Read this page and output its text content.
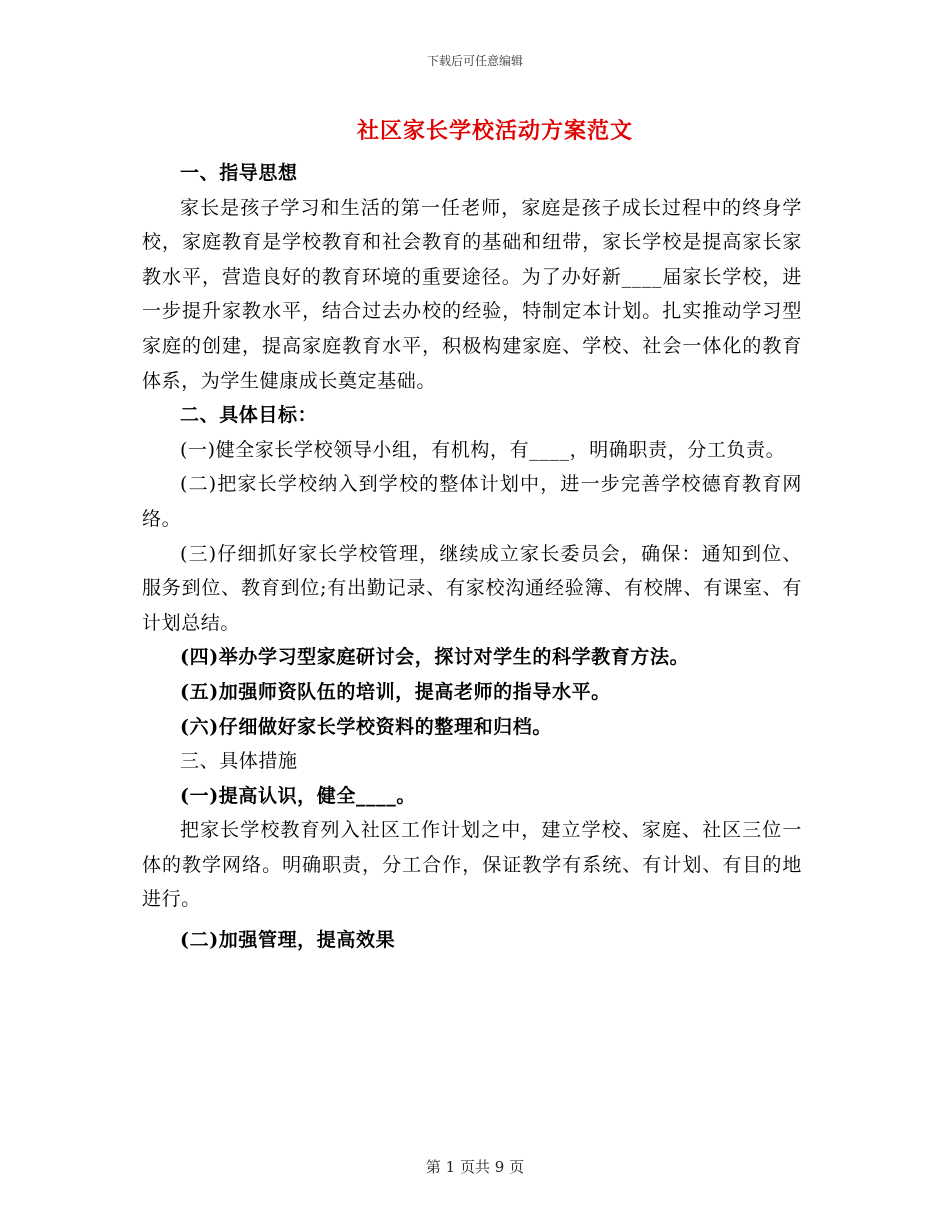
下载后可任意编辑
社区家长学校活动方案范文

一、指导思想

家长是孩子学习和生活的第一任老师，家庭是孩子成长过程中的终身学校，家庭教育是学校教育和社会教育的基础和纽带，家长学校是提高家长家教水平，营造良好的教育环境的重要途径。为了办好新____届家长学校，进一步提升家教水平，结合过去办校的经验，特制定本计划。扎实推动学习型家庭的创建，提高家庭教育水平，积极构建家庭、学校、社会一体化的教育体系，为学生健康成长奠定基础。

二、具体目标：

(一)健全家长学校领导小组，有机构，有____，明确职责，分工负责。

(二)把家长学校纳入到学校的整体计划中，进一步完善学校德育教育网络。

(三)仔细抓好家长学校管理，继续成立家长委员会，确保：通知到位、服务到位、教育到位;有出勤记录、有家校沟通经验簿、有校牌、有课室、有计划总结。

(四)举办学习型家庭研讨会，探讨对学生的科学教育方法。

(五)加强师资队伍的培训，提高老师的指导水平。

(六)仔细做好家长学校资料的整理和归档。

三、具体措施

(一)提高认识，健全____。

把家长学校教育列入社区工作计划之中，建立学校、家庭、社区三位一体的教学网络。明确职责，分工合作，保证教学有系统、有计划、有目的地进行。

(二)加强管理，提高效果

第 1 页共 9 页
